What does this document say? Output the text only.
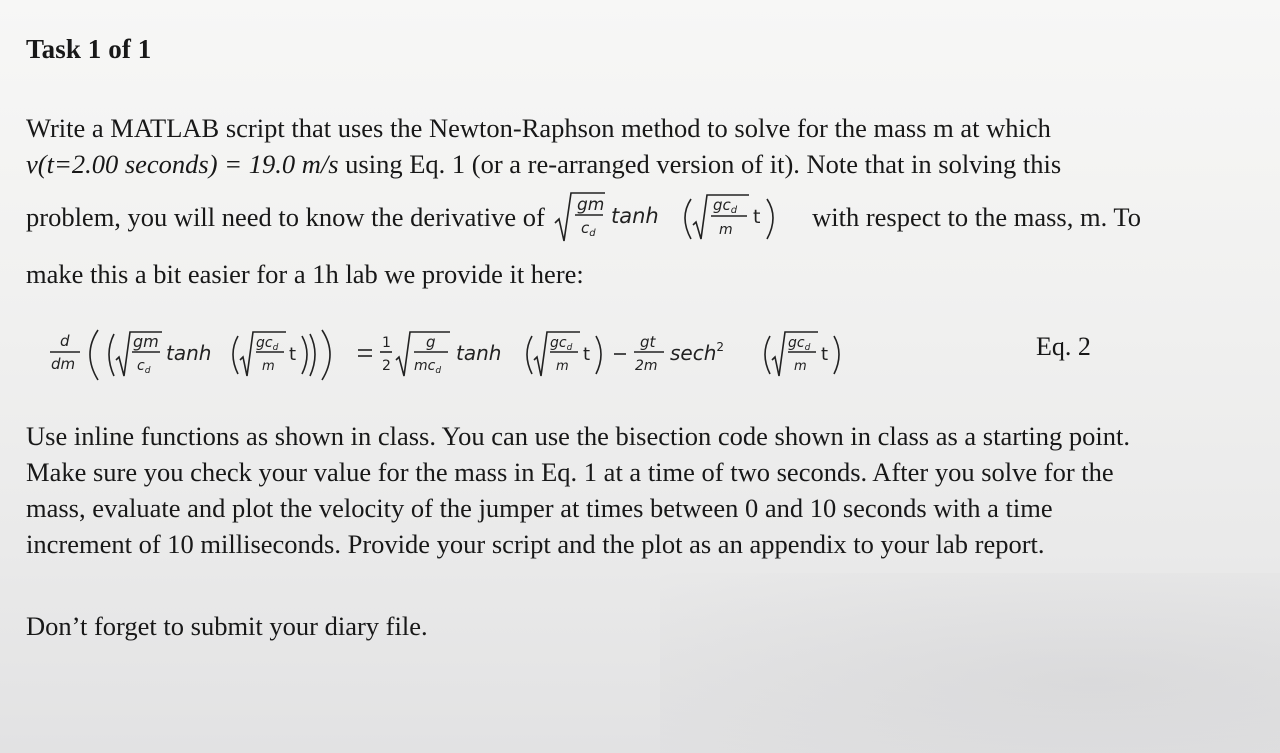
Task 1 of 1
Write a MATLAB script that uses the Newton-Raphson method to solve for the mass m at which
v(t=2.00 seconds) = 19.0 m/s using Eq. 1 (or a re-arranged version of it). Note that in solving this
problem, you will need to know the derivative of gm
$c_d$
tanh	$gc_d$
m
t with respect to the mass, m. To
make this a bit easier for a 1h lab we provide it here:
d
dm
gm
$c_d$
tanh	$gc_d$
m
t
1
2
g
$mc_d$
tanh	$gc_d$
m
t
gt
2m
sech$^2$	$gc_d$
m
t	Eq. 2
Use inline functions as shown in class. You can use the bisection code shown in class as a starting point.
Make sure you check your value for the mass in Eq. 1 at a time of two seconds. After you solve for the
mass, evaluate and plot the velocity of the jumper at times between 0 and 10 seconds with a time
increment of 10 milliseconds. Provide your script and the plot as an appendix to your lab report.
Don’t forget to submit your diary file.
